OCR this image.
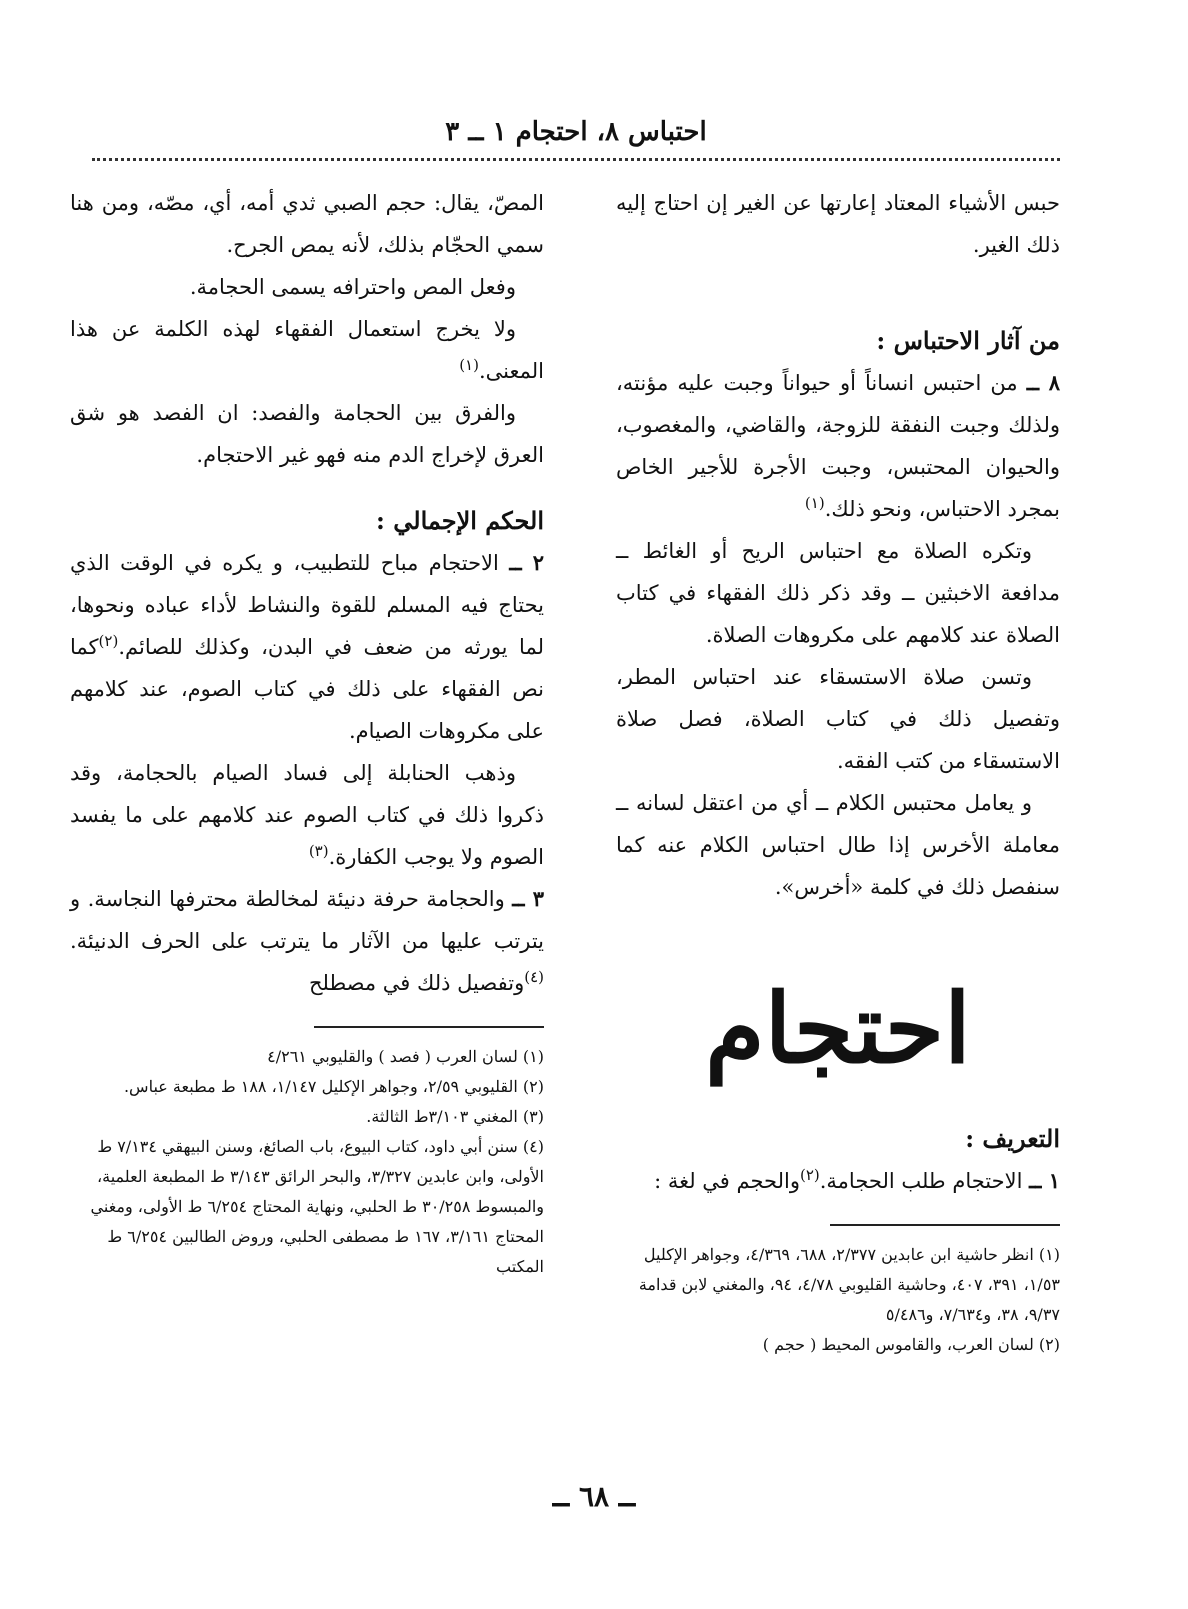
احتباس ٨، احتجام ١ ــ ٣

حبس الأشياء المعتاد إعارتها عن الغير إن احتاج إليه ذلك الغير.

من آثار الاحتباس :

٨ ــ من احتبس انساناً أو حيواناً وجبت عليه مؤنته، ولذلك وجبت النفقة للزوجة، والقاضي، والمغصوب، والحيوان المحتبس، وجبت الأجرة للأجير الخاص بمجرد الاحتباس، ونحو ذلك.$^{(١)}$

وتكره الصلاة مع احتباس الريح أو الغائط ــ مدافعة الاخبثين ــ وقد ذكر ذلك الفقهاء في كتاب الصلاة عند كلامهم على مكروهات الصلاة.

وتسن صلاة الاستسقاء عند احتباس المطر، وتفصيل ذلك في كتاب الصلاة، فصل صلاة الاستسقاء من كتب الفقه.

و يعامل محتبس الكلام ــ أي من اعتقل لسانه ــ معاملة الأخرس إذا طال احتباس الكلام عنه كما سنفصل ذلك في كلمة «أخرس».

احتجام

التعريف :

١ ــ الاحتجام طلب الحجامة.$^{(٢)}$والحجم في لغة :

(١) انظر حاشية ابن عابدين ٢/٣٧٧، ٦٨٨، ٤/٣٦٩، وجواهر الإكليل ١/٥٣، ٣٩١، ٤٠٧، وحاشية القليوبي ٤/٧٨، ٩٤، والمغني لابن قدامة ٩/٣٧، ٣٨، و٧/٦٣٤، و٥/٤٨٦

(٢) لسان العرب، والقاموس المحيط ( حجم )

المصّ، يقال: حجم الصبي ثدي أمه، أي، مصّه، ومن هنا سمي الحجّام بذلك، لأنه يمص الجرح.

وفعل المص واحترافه يسمى الحجامة.

ولا يخرج استعمال الفقهاء لهذه الكلمة عن هذا المعنى.$^{(١)}$

والفرق بين الحجامة والفصد: ان الفصد هو شق العرق لإخراج الدم منه فهو غير الاحتجام.

الحكم الإجمالي :

٢ ــ الاحتجام مباح للتطبيب، و يكره في الوقت الذي يحتاج فيه المسلم للقوة والنشاط لأداء عباده ونحوها، لما يورثه من ضعف في البدن، وكذلك للصائم.$^{(٢)}$كما نص الفقهاء على ذلك في كتاب الصوم، عند كلامهم على مكروهات الصيام.

وذهب الحنابلة إلى فساد الصيام بالحجامة، وقد ذكروا ذلك في كتاب الصوم عند كلامهم على ما يفسد الصوم ولا يوجب الكفارة.$^{(٣)}$

٣ ــ والحجامة حرفة دنيئة لمخالطة محترفها النجاسة. و يترتب عليها من الآثار ما يترتب على الحرف الدنيئة.$^{(٤)}$وتفصيل ذلك في مصطلح

(١) لسان العرب ( فصد ) والقليوبي ٤/٢٦١

(٢) القليوبي ٢/٥٩، وجواهر الإكليل ١/١٤٧، ١٨٨ ط مطبعة عباس.

(٣) المغني ٣/١٠٣ط الثالثة.

(٤) سنن أبي داود، كتاب البيوع، باب الصائغ، وسنن البيهقي ٧/١٣٤ ط الأولى، وابن عابدين ٣/٣٢٧، والبحر الرائق ٣/١٤٣ ط المطبعة العلمية، والمبسوط ٣٠/٢٥٨ ط الحلبي، ونهاية المحتاج ٦/٢٥٤ ط الأولى، ومغني المحتاج ٣/١٦١، ١٦٧ ط مصطفى الحلبي، وروض الطالبين ٦/٢٥٤ ط المكتب

ــ ٦٨ ــ
